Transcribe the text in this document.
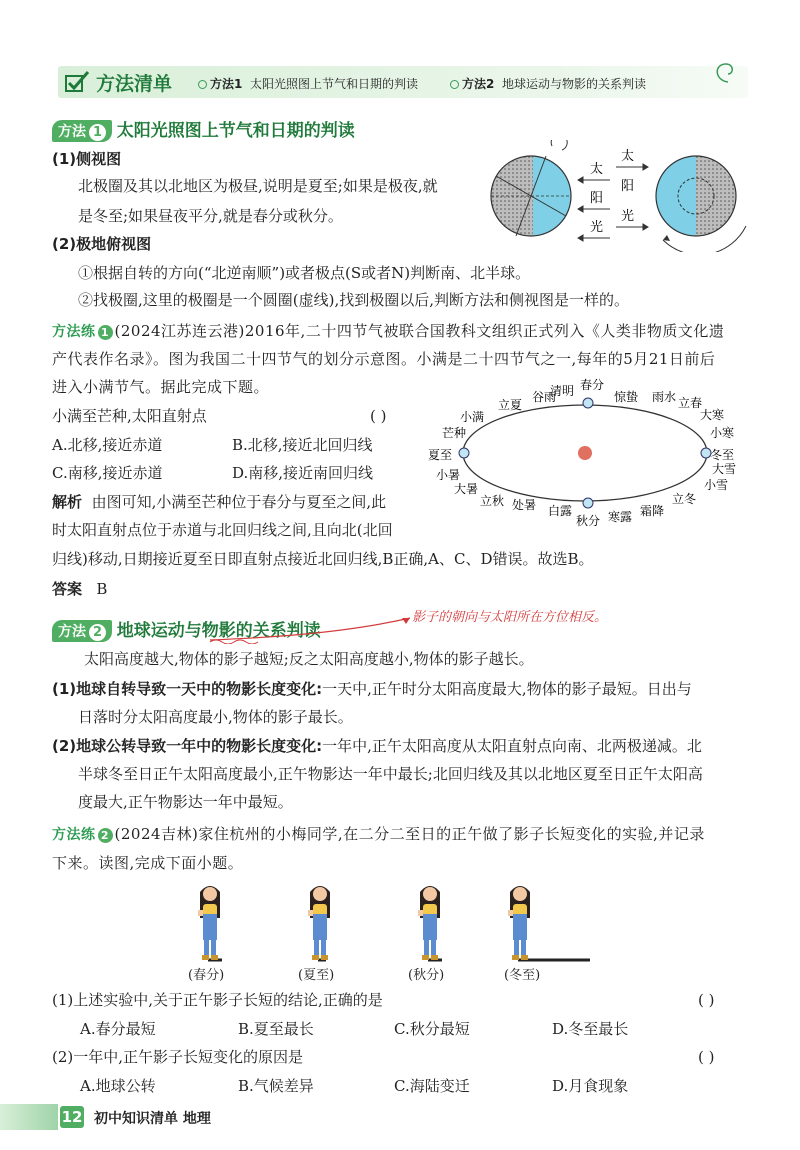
方法清单	方法1 太阳光照图上节气和日期的判读	方法2 地球运动与物影的关系判读
方法 1 太阳光照图上节气和日期的判读
(1)侧视图
北极圈及其以北地区为极昼,说明是夏至;如果是极夜,就
是冬至;如果昼夜平分,就是春分或秋分。
(2)极地俯视图
①根据自转的方向(“北逆南顺”)或者极点(S或者N)判断南、北半球。
②找极圈,这里的极圈是一个圆圈(虚线),找到极圈以后,判断方法和侧视图是一样的。
太
阳
光
太
阳
光
方法练 1 (2024江苏连云港)2016年,二十四节气被联合国教科文组织正式列入《人类非物质文化遗
产代表作名录》。图为我国二十四节气的划分示意图。小满是二十四节气之一,每年的5月21日前后
进入小满节气。据此完成下题。
小满至芒种,太阳直射点	( )
A.北移,接近赤道	B.北移,接近北回归线
C.南移,接近赤道	D.南移,接近南回归线
解析 由图可知,小满至芒种位于春分与夏至之间,此
时太阳直射点位于赤道与北回归线之间,且向北(北回
归线)移动,日期接近夏至日即直射点接近北回归线,B正确,A、C、D错误。故选B。
答案 B
春分
惊蛰 雨水 立春
大寒
小寒
冬至
大雪
小雪
立冬
霜降
寒露
秋分
白露
处暑
立秋
大暑
小暑
夏至
芒种
小满
立夏
谷雨
清明
方法 2 地球运动与物影的关系判读
影子的朝向与太阳所在方位相反。
太阳高度越大,物体的影子越短;反之太阳高度越小,物体的影子越长。
(1)地球自转导致一天中的物影长度变化:一天中,正午时分太阳高度最大,物体的影子最短。日出与
日落时分太阳高度最小,物体的影子最长。
(2)地球公转导致一年中的物影长度变化:一年中,正午太阳高度从太阳直射点向南、北两极递减。北
半球冬至日正午太阳高度最小,正午物影达一年中最长;北回归线及其以北地区夏至日正午太阳高
度最大,正午物影达一年中最短。
方法练 2 (2024吉林)家住杭州的小梅同学,在二分二至日的正午做了影子长短变化的实验,并记录
下来。读图,完成下面小题。
(春分)	(夏至)	(秋分)	(冬至)
(1)上述实验中,关于正午影子长短的结论,正确的是	( )
A.春分最短	B.夏至最长	C.秋分最短	D.冬至最长
(2)一年中,正午影子长短变化的原因是	( )
A.地球公转	B.气候差异	C.海陆变迁	D.月食现象
12 初中知识清单 地理
